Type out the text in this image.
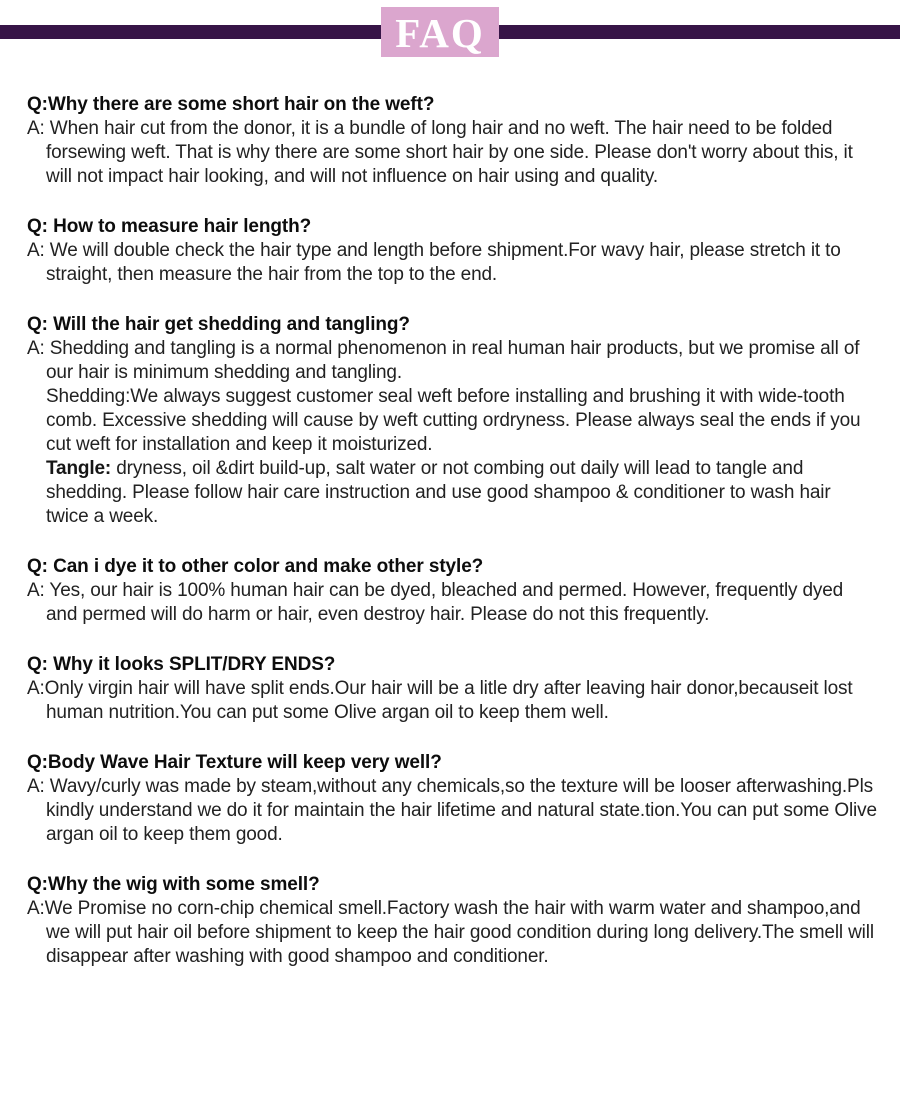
FAQ
Q:Why there are some short hair on the weft?

A: When hair cut from the donor, it is a bundle of long hair and no weft. The hair need to be folded forsewing weft. That is why there are some short hair by one side. Please don't worry about this, it will not impact hair looking, and will not influence on hair using and quality.

Q: How to measure hair length?

A: We will double check the hair type and length before shipment.For wavy hair, please stretch it to straight, then measure the hair from the top to the end.

Q: Will the hair get shedding and tangling?

A: Shedding and tangling is a normal phenomenon in real human hair products, but we promise all of our hair is minimum shedding and tangling.

Shedding:We always suggest customer seal weft before installing and brushing it with wide-tooth comb. Excessive shedding will cause by weft cutting ordryness. Please always seal the ends if you cut weft for installation and keep it moisturized.

Tangle: dryness, oil &dirt build-up, salt water or not combing out daily will lead to tangle and shedding. Please follow hair care instruction and use good shampoo & conditioner to wash hair twice a week.

Q: Can i dye it to other color and make other style?

A: Yes, our hair is 100% human hair can be dyed, bleached and permed. However, frequently dyed and permed will do harm or hair, even destroy hair. Please do not this frequently.

Q: Why it looks SPLIT/DRY ENDS?

A:Only virgin hair will have split ends.Our hair will be a litle dry after leaving hair donor,becauseit lost human nutrition.You can put some Olive argan oil to keep them well.

Q:Body Wave Hair Texture will keep very well?

A: Wavy/curly was made by steam,without any chemicals,so the texture will be looser afterwashing.Pls kindly understand we do it for maintain the hair lifetime and natural state.tion.You can put some Olive argan oil to keep them good.

Q:Why the wig with some smell?

A:We Promise no corn-chip chemical smell.Factory wash the hair with warm water and shampoo,and we will put hair oil before shipment to keep the hair good condition during long delivery.The smell will disappear after washing with good shampoo and conditioner.
